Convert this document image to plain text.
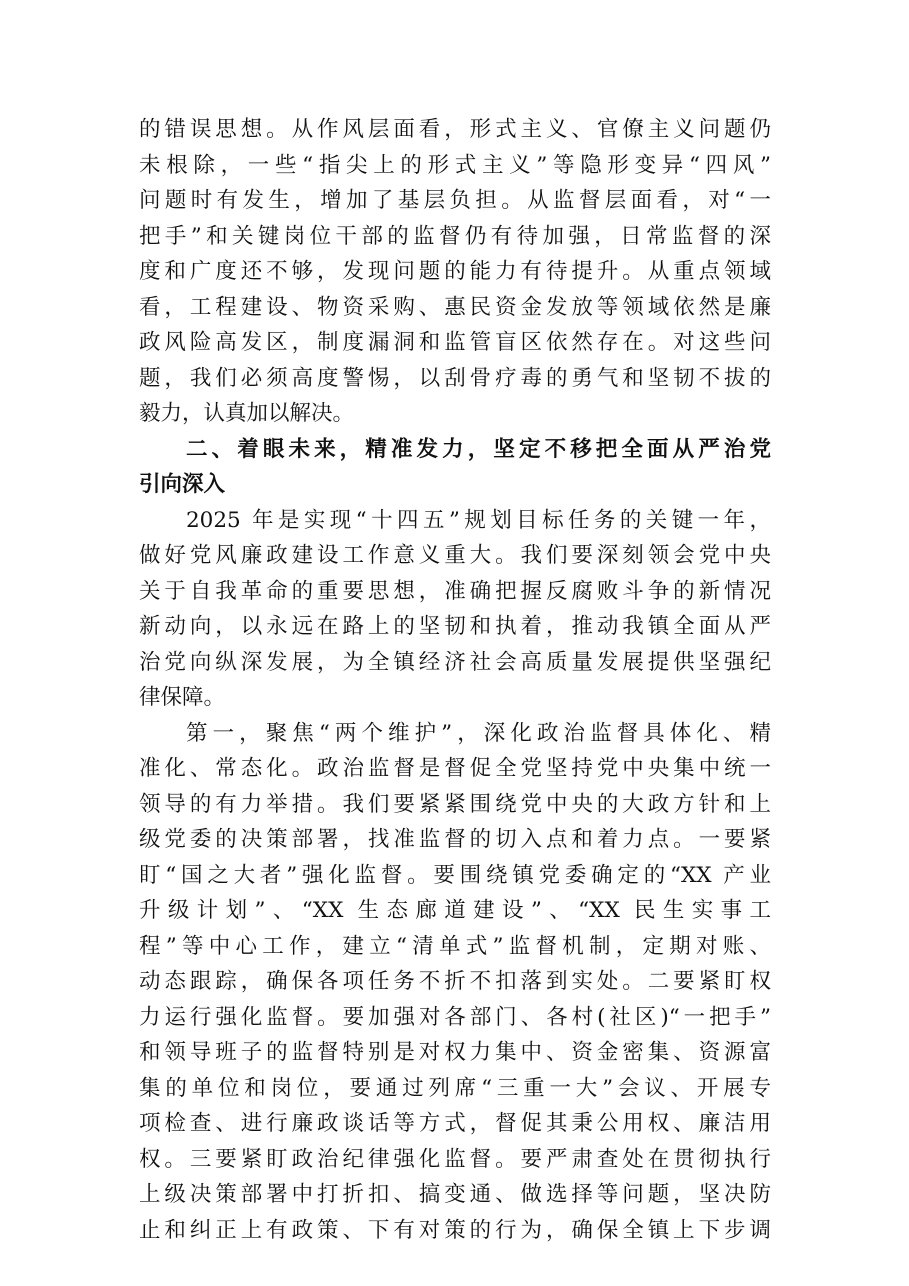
的错误思想。从作风层面看，形式主义、官僚主义问题仍
未根除，一些“指尖上的形式主义”等隐形变异“四风”
问题时有发生，增加了基层负担。从监督层面看，对“一
把手”和关键岗位干部的监督仍有待加强，日常监督的深
度和广度还不够，发现问题的能力有待提升。从重点领域
看，工程建设、物资采购、惠民资金发放等领域依然是廉
政风险高发区，制度漏洞和监管盲区依然存在。对这些问
题，我们必须高度警惕，以刮骨疗毒的勇气和坚韧不拔的
毅力，认真加以解决。
二、着眼未来，精准发力，坚定不移把全面从严治党
引向深入
2025 年是实现“十四五”规划目标任务的关键一年，
做好党风廉政建设工作意义重大。我们要深刻领会党中央
关于自我革命的重要思想，准确把握反腐败斗争的新情况
新动向，以永远在路上的坚韧和执着，推动我镇全面从严
治党向纵深发展，为全镇经济社会高质量发展提供坚强纪
律保障。
第一，聚焦“两个维护”，深化政治监督具体化、精
准化、常态化。政治监督是督促全党坚持党中央集中统一
领导的有力举措。我们要紧紧围绕党中央的大政方针和上
级党委的决策部署，找准监督的切入点和着力点。一要紧
盯“国之大者”强化监督。要围绕镇党委确定的“XX 产业
升级计划”、“XX 生态廊道建设”、“XX 民生实事工
程”等中心工作，建立“清单式”监督机制，定期对账、
动态跟踪，确保各项任务不折不扣落到实处。二要紧盯权
力运行强化监督。要加强对各部门、各村(社区)“一把手”
和领导班子的监督特别是对权力集中、资金密集、资源富
集的单位和岗位，要通过列席“三重一大”会议、开展专
项检查、进行廉政谈话等方式，督促其秉公用权、廉洁用
权。三要紧盯政治纪律强化监督。要严肃查处在贯彻执行
上级决策部署中打折扣、搞变通、做选择等问题，坚决防
止和纠正上有政策、下有对策的行为，确保全镇上下步调
